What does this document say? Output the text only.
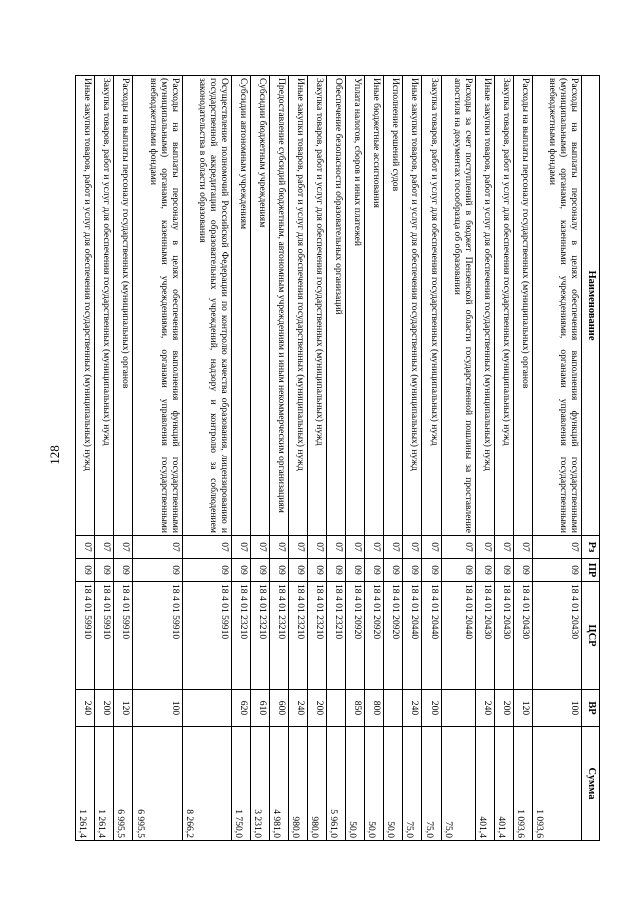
128
Наименование	Рз	ПР	ЦСР	ВР	Сумма
Расходы на выплаты персоналу в целях обеспечения выполнения функций государственными (муниципальными) органами, казенными учреждениями, органами управления государственными внебюджетными фондами	07	09	18 4 01 20430	100	1 093,6
Расходы на выплаты персоналу государственных (муниципальных) органов	07	09	18 4 01 20430	120	1 093,6
Закупка товаров, работ и услуг для обеспечения государственных (муниципальных) нужд	07	09	18 4 01 20430	200	401,4
Иные закупки товаров, работ и услуг для обеспечения государственных (муниципальных) нужд	07	09	18 4 01 20430	240	401,4
Расходы за счет поступлений в бюджет Пензенской области государственной пошлины за проставление апостиля на документах госообразца об образовании	07	09	18 4 01 20440		75,0
Закупка товаров, работ и услуг для обеспечения государственных (муниципальных) нужд	07	09	18 4 01 20440	200	75,0
Иные закупки товаров, работ и услуг для обеспечения государственных (муниципальных) нужд	07	09	18 4 01 20440	240	75,0
Исполнение решений судов	07	09	18 4 01 20920		50,0
Иные бюджетные ассигнования	07	09	18 4 01 20920	800	50,0
Уплата налогов, сборов и иных платежей	07	09	18 4 01 20920	850	50,0
Обеспечение безопасности образовательных организаций	07	09	18 4 01 23210		5 961,0
Закупка товаров, работ и услуг для обеспечения государственных (муниципальных) нужд	07	09	18 4 01 23210	200	980,0
Иные закупки товаров, работ и услуг для обеспечения государственных (муниципальных) нужд	07	09	18 4 01 23210	240	980,0
Предоставление субсидий бюджетным, автономным учреждениям и иным некоммерческим организациям	07	09	18 4 01 23210	600	4 981,0
Субсидии бюджетным учреждениям	07	09	18 4 01 23210	610	3 231,0
Субсидии автономным учреждениям	07	09	18 4 01 23210	620	1 750,0
Осуществление полномочий Российской Федерации по контролю качества образования, лицензированию и государственной аккредитации образовательных учреждений, надзору и контролю за соблюдением законодательства в области образования	07	09	18 4 01 59910		8 266,2
Расходы на выплаты персоналу в целях обеспечения выполнения функций государственными (муниципальными) органами, казенными учреждениями, органами управления государственными внебюджетными фондами	07	09	18 4 01 59910	100	6 995,5
Расходы на выплаты персоналу государственных (муниципальных) органов	07	09	18 4 01 59910	120	6 995,5
Закупка товаров, работ и услуг для обеспечения государственных (муниципальных) нужд	07	09	18 4 01 59910	200	1 261,4
Иные закупки товаров, работ и услуг для обеспечения государственных (муниципальных) нужд	07	09	18 4 01 59910	240	1 261,4
